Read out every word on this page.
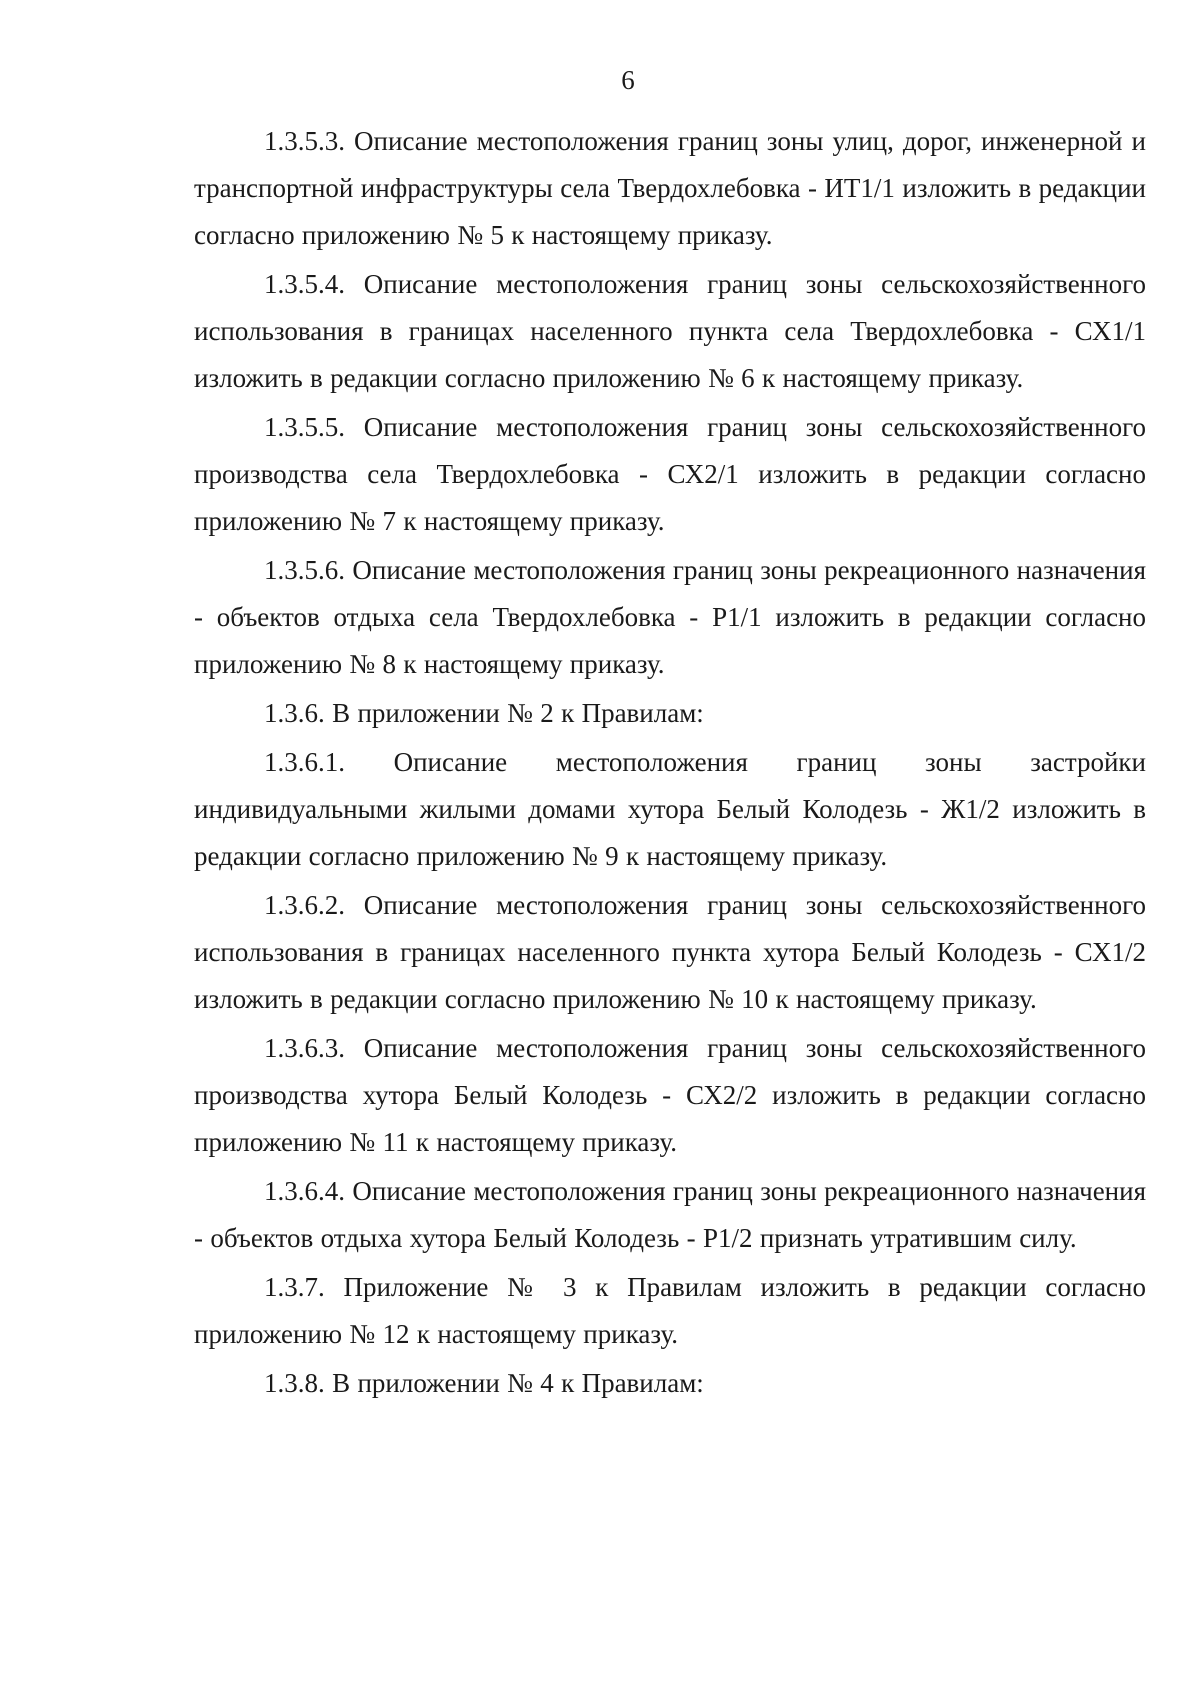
6

1.3.5.3. Описание местоположения границ зоны улиц, дорог, инженерной и транспортной инфраструктуры села Твердохлебовка - ИТ1/1 изложить в редакции согласно приложению № 5 к настоящему приказу.

1.3.5.4. Описание местоположения границ зоны сельскохозяйственного использования в границах населенного пункта села Твердохлебовка - СХ1/1 изложить в редакции согласно приложению № 6 к настоящему приказу.

1.3.5.5. Описание местоположения границ зоны сельскохозяйственного производства села Твердохлебовка - СХ2/1 изложить в редакции согласно приложению № 7 к настоящему приказу.

1.3.5.6. Описание местоположения границ зоны рекреационного назначения - объектов отдыха села Твердохлебовка - Р1/1 изложить в редакции согласно приложению № 8 к настоящему приказу.

1.3.6. В приложении № 2 к Правилам:

1.3.6.1. Описание местоположения границ зоны застройки индивидуальными жилыми домами хутора Белый Колодезь - Ж1/2 изложить в редакции согласно приложению № 9 к настоящему приказу.

1.3.6.2. Описание местоположения границ зоны сельскохозяйственного использования в границах населенного пункта хутора Белый Колодезь - СХ1/2 изложить в редакции согласно приложению № 10 к настоящему приказу.

1.3.6.3. Описание местоположения границ зоны сельскохозяйственного производства хутора Белый Колодезь - СХ2/2 изложить в редакции согласно приложению № 11 к настоящему приказу.

1.3.6.4. Описание местоположения границ зоны рекреационного назначения - объектов отдыха хутора Белый Колодезь - Р1/2 признать утратившим силу.

1.3.7. Приложение № 3 к Правилам изложить в редакции согласно приложению № 12 к настоящему приказу.

1.3.8. В приложении № 4 к Правилам:
